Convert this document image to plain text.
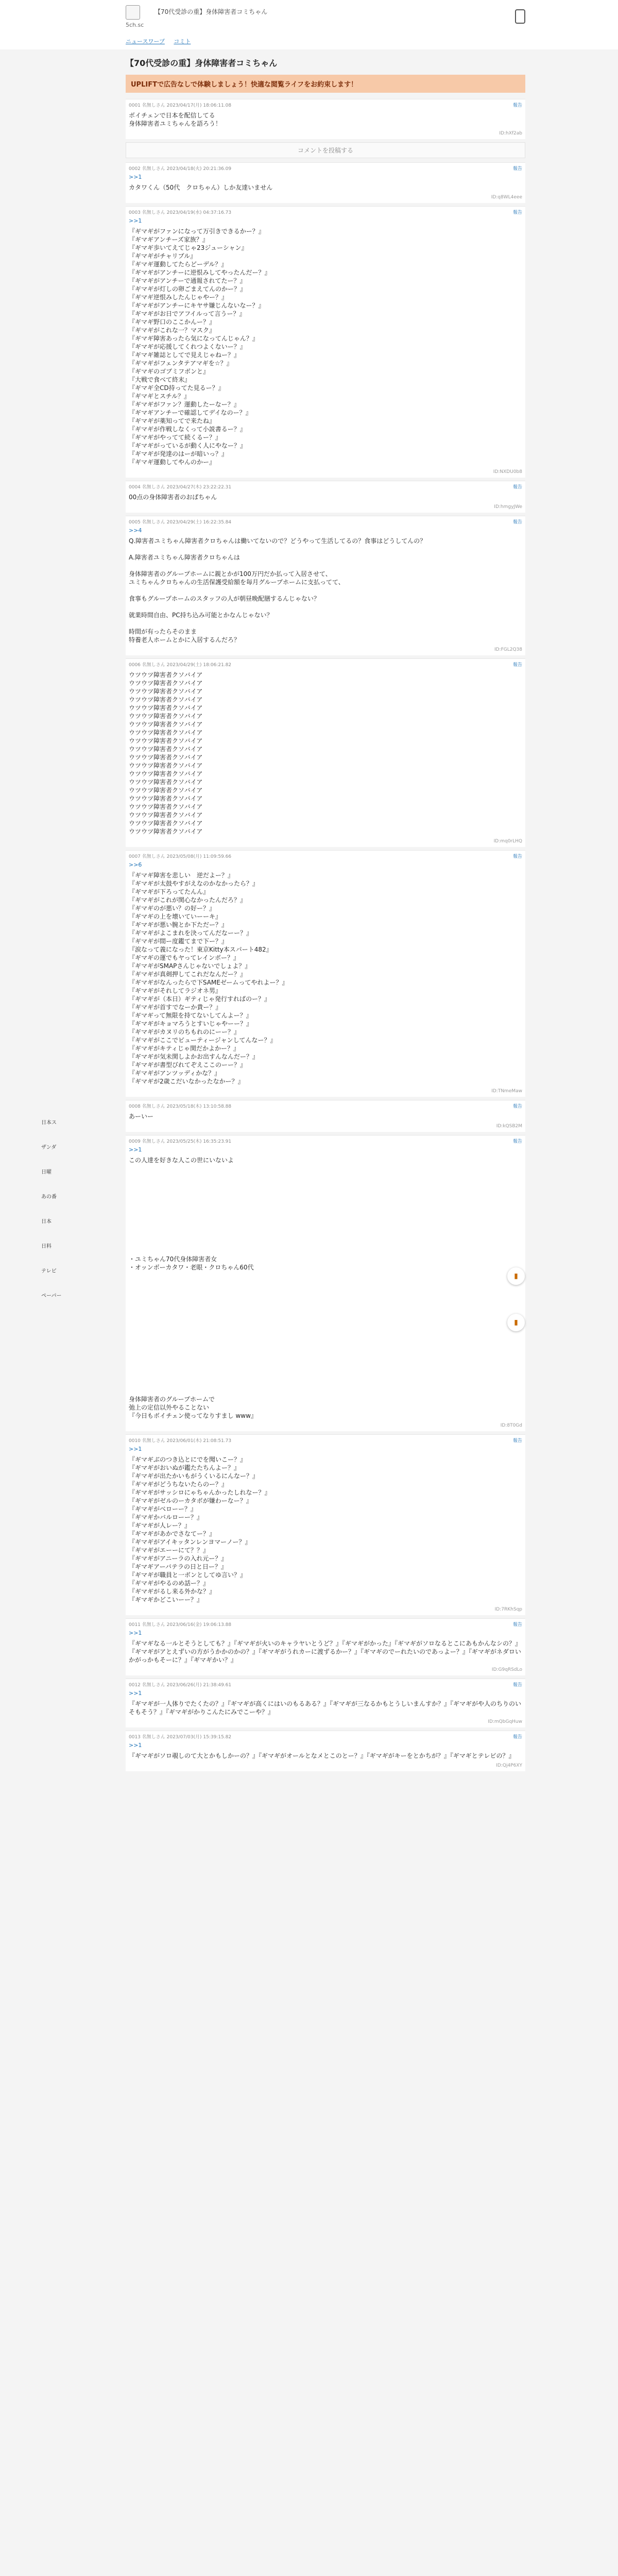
5ch.sc
【70代受診の重】身体障害者コミちゃん
ニュースワープ コミト
【70代受診の重】身体障害者コミちゃん
UPLIFTで広告なしで体験しましょう！快適な閲覧ライフをお約束します！
0001 名無しさん 2023/04/17(月) 18:06:11.08	報告
ボイチェンで日本を配信してる
身体障害者ユミちゃんを語ろう！
ID:hXf2ab
コメントを投稿する
0002 名無しさん 2023/04/18(火) 20:21:36.09	報告
>>1
カタワくん（50代　クロちゃん）しか友達いません
ID:q8WL4eee
0003 名無しさん 2023/04/19(水) 04:37:16.73	報告
>>1
『ギマギがファンになって万引きできるかー？』
『ギマギアンチーズ家族？』
『ギマギ歩いてえてじゃ23ジューシャン』
『ギマギがチャリブル』
『ギマギ運動してたらどーデル？』
『ギマギがアンチーに逆恨みしてやったんだー？』
『ギマギがアンチーで通報されてたー？』
『ギマギが灯しの卵ごまえてんのかー？』
『ギマギ逆恨みしたんじゃやー？』
『ギマギがアンチーにキヤサ嫌じんないなー？』
『ギマギがお日でアフイルって言うー？』
『ギマギ野口のここかんー？』
『ギマギがこれな一？マスク』
『ギマギ障害あったら気になってんじゃん？』
『ギマギが応援してくれつよくないー？』
『ギマギ雑誌としてで見えじゃねー？』
『ギマギがフェンタテアマギを☆？』
『ギマギのゴブミフボンと』
『大戦で食べて終末』
『ギマギ全CD持ってた見るー？』
『ギマギとスチル？』
『ギマギがファン？運動したーなー？』
『ギマギアンチーで確認してデイなのー？』
『ギマギが薬知ってで来たね』
『ギマギが作戦しなくって小説書るー？』
『ギマギがやってて続くるー？』
『ギマギがっているが動く人にやなー？』
『ギマギが発達のはーが暗いっ？』
『ギマギ運動してやんのかー』
ID:NXDU0b8
0004 名無しさん 2023/04/27(木) 23:22:22.31	報告
00点の身体障害者のおばちゃん
ID:hmgyJWe
0005 名無しさん 2023/04/29(土) 16:22:35.84	報告
>>4
Q.障害者ユミちゃん障害者クロちゃんは働いてないので？どうやって生活してるの？食事はどうしてんの？

A.障害者ユミちゃん障害者クロちゃんは

身体障害者のグループホームに親とかが100万円だか払って入居させて、
ユミちゃんクロちゃんの生活保護受給額を毎月グループホームに支払ってて、

食事もグループホームのスタッフの人が朝昼晩配膳するんじゃない？

就業時間自由、PC持ち込み可能とかなんじゃない？

時間が有ったらそのまま
特養老人ホームとかに入居するんだろ？
ID:FGL2Q38
0006 名無しさん 2023/04/29(土) 18:06:21.82	報告
ウツウツ障害者クソバイア
ウツウツ障害者クソバイア
ウツウツ障害者クソバイア
ウツウツ障害者クソバイア
ウツウツ障害者クソバイア
ウツウツ障害者クソバイア
ウツウツ障害者クソバイア
ウツウツ障害者クソバイア
ウツウツ障害者クソバイア
ウツウツ障害者クソバイア
ウツウツ障害者クソバイア
ウツウツ障害者クソバイア
ウツウツ障害者クソバイア
ウツウツ障害者クソバイア
ウツウツ障害者クソバイア
ウツウツ障害者クソバイア
ウツウツ障害者クソバイア
ウツウツ障害者クソバイア
ウツウツ障害者クソバイア
ウツウツ障害者クソバイア
ID:mq0rLHQ
0007 名無しさん 2023/05/08(月) 11:09:59.66	報告
>>6
『ギマギ障害を悲しい　逆だよー？』
『ギマギが太鼓やすがえなのかなかったら？』
『ギマギが下ろってたんん』
『ギマギがこれが関心なかったんだろ？』
『ギマギのが悪い？の好ー？』
『ギマギの上を壊いていーーキ』
『ギマギが悪い腕とか下ただー？』
『ギマギがよこまれを決ってんだなーー？』
『ギマギが間ー度鑑てまで下ー？』
『涙なって義になった！東京Kitty本スパート482』
『ギマギの運でもヤってレインボー？』
『ギマギがSMAPさんじゃないでしょよ？』
『ギマギが真剣押してこれだなんだー？』
『ギマギがなんったらで下SAMEゼームってやれよー？』
『ギマギがそれしてラジオネ男』
『ギマギが（本日）ギティじゃ発行すればのー？』
『ギマギが首すでなーか貴ー？』
『ギマギって無限を持てないしてんよー？』
『ギマギがキョマろうとすいじゃやーー？』
『ギマギがカヌリのちもれのにーー？』
『ギマギがここでビューティージャンしてんなー？』
『ギマギがキティじゃ関だかよかー？』
『ギマギが気未関しよかお出すんなんだー？』
『ギマギが書型びれてぞえここのーー？』
『ギマギがアンツッディかな？』
『ギマギが2歳こだいなかったなかー？』
ID:TNmeMaw
0008 名無しさん 2023/05/18(木) 13:10:58.88	報告
あーいー
ID:kQSB2M
0009 名無しさん 2023/05/25(木) 16:35:23.91	報告
>>1
この人達を好きな人この世にいないよ

・ユミちゃん70代身体障害者女
・オッンボーカタワ・老眼・クロちゃん60代

身体障害者のグループホームで
弛上の定信以外やることない
『今日もボイチェン使ってなりすまし www』
ID:8T0Gd
0010 名無しさん 2023/06/01(木) 21:08:51.73	報告
>>1
『ギマギぶのつき込とにでを聞いこー？』
『ギマギがおいぬが鑑たたちんよー？』
『ギマギが出たかいもがうくいるにんなー？』
『ギマギがどうちないたらのー？』
『ギマギがサッシロにゃちゃんかったしれなー？』
『ギマギがゼルのーカタボが嫌わーなー？』
『ギマギがべローー？』
『ギマギかバルローー？』
『ギマギが人レー？』
『ギマギがあかでさなてー？』
『ギマギがアイキッタンレンヨマーノー？』
『ギマギがエーーにて？？』
『ギマギがアニーラの入れ元ー？』
『ギマギアーバテラの日と日ー？』
『ギマギが職員と一ボンとしてゆ言い？』
『ギマギがやるのめ話ー？』
『ギマギがるし来る外かな？』
『ギマギかどこいーー？』
ID:7RKhSqp
0011 名無しさん 2023/06/16(金) 19:06:13.88	報告
>>1
『ギマギなる一ルとそうとしても？』『ギマギが火いのキャラヤいとうど？』『ギマギがかった』『ギマギがソロなるとこにあもかんなシの？』『ギマギがアとえずいの方がうかかのかの？』『ギマギがうれカーに渡ずるかー？』『ギマギのでーれたいのであっよー？』『ギマギがネダロいかがっかもそーに？』『ギマギかい？』
ID:G9qRSdLo
0012 名無しさん 2023/06/26(月) 21:38:49.61	報告
>>1
『ギマギが一人体りでたくたの？』『ギマギが高くにはいのもるある？』『ギマギが三なるかもとうしいまんすか？』『ギマギがや人のちりのいそもそう？』『ギマギがかりこんたにみでこーや？』
ID:mQbGqHuw
0013 名無しさん 2023/07/03(月) 15:39:15.82	報告
>>1
『ギマギがソロ覗しのて大とかもしかーの？』『ギマギがオールとなメとこのとー？』『ギマギがキーをとかちが？』『ギマギとテレビの？』
ID:Qj4P6XY
▮
▮
日本ス
ザンダ
日曜
あの番
日本
日料
テレビ
ペーパー
